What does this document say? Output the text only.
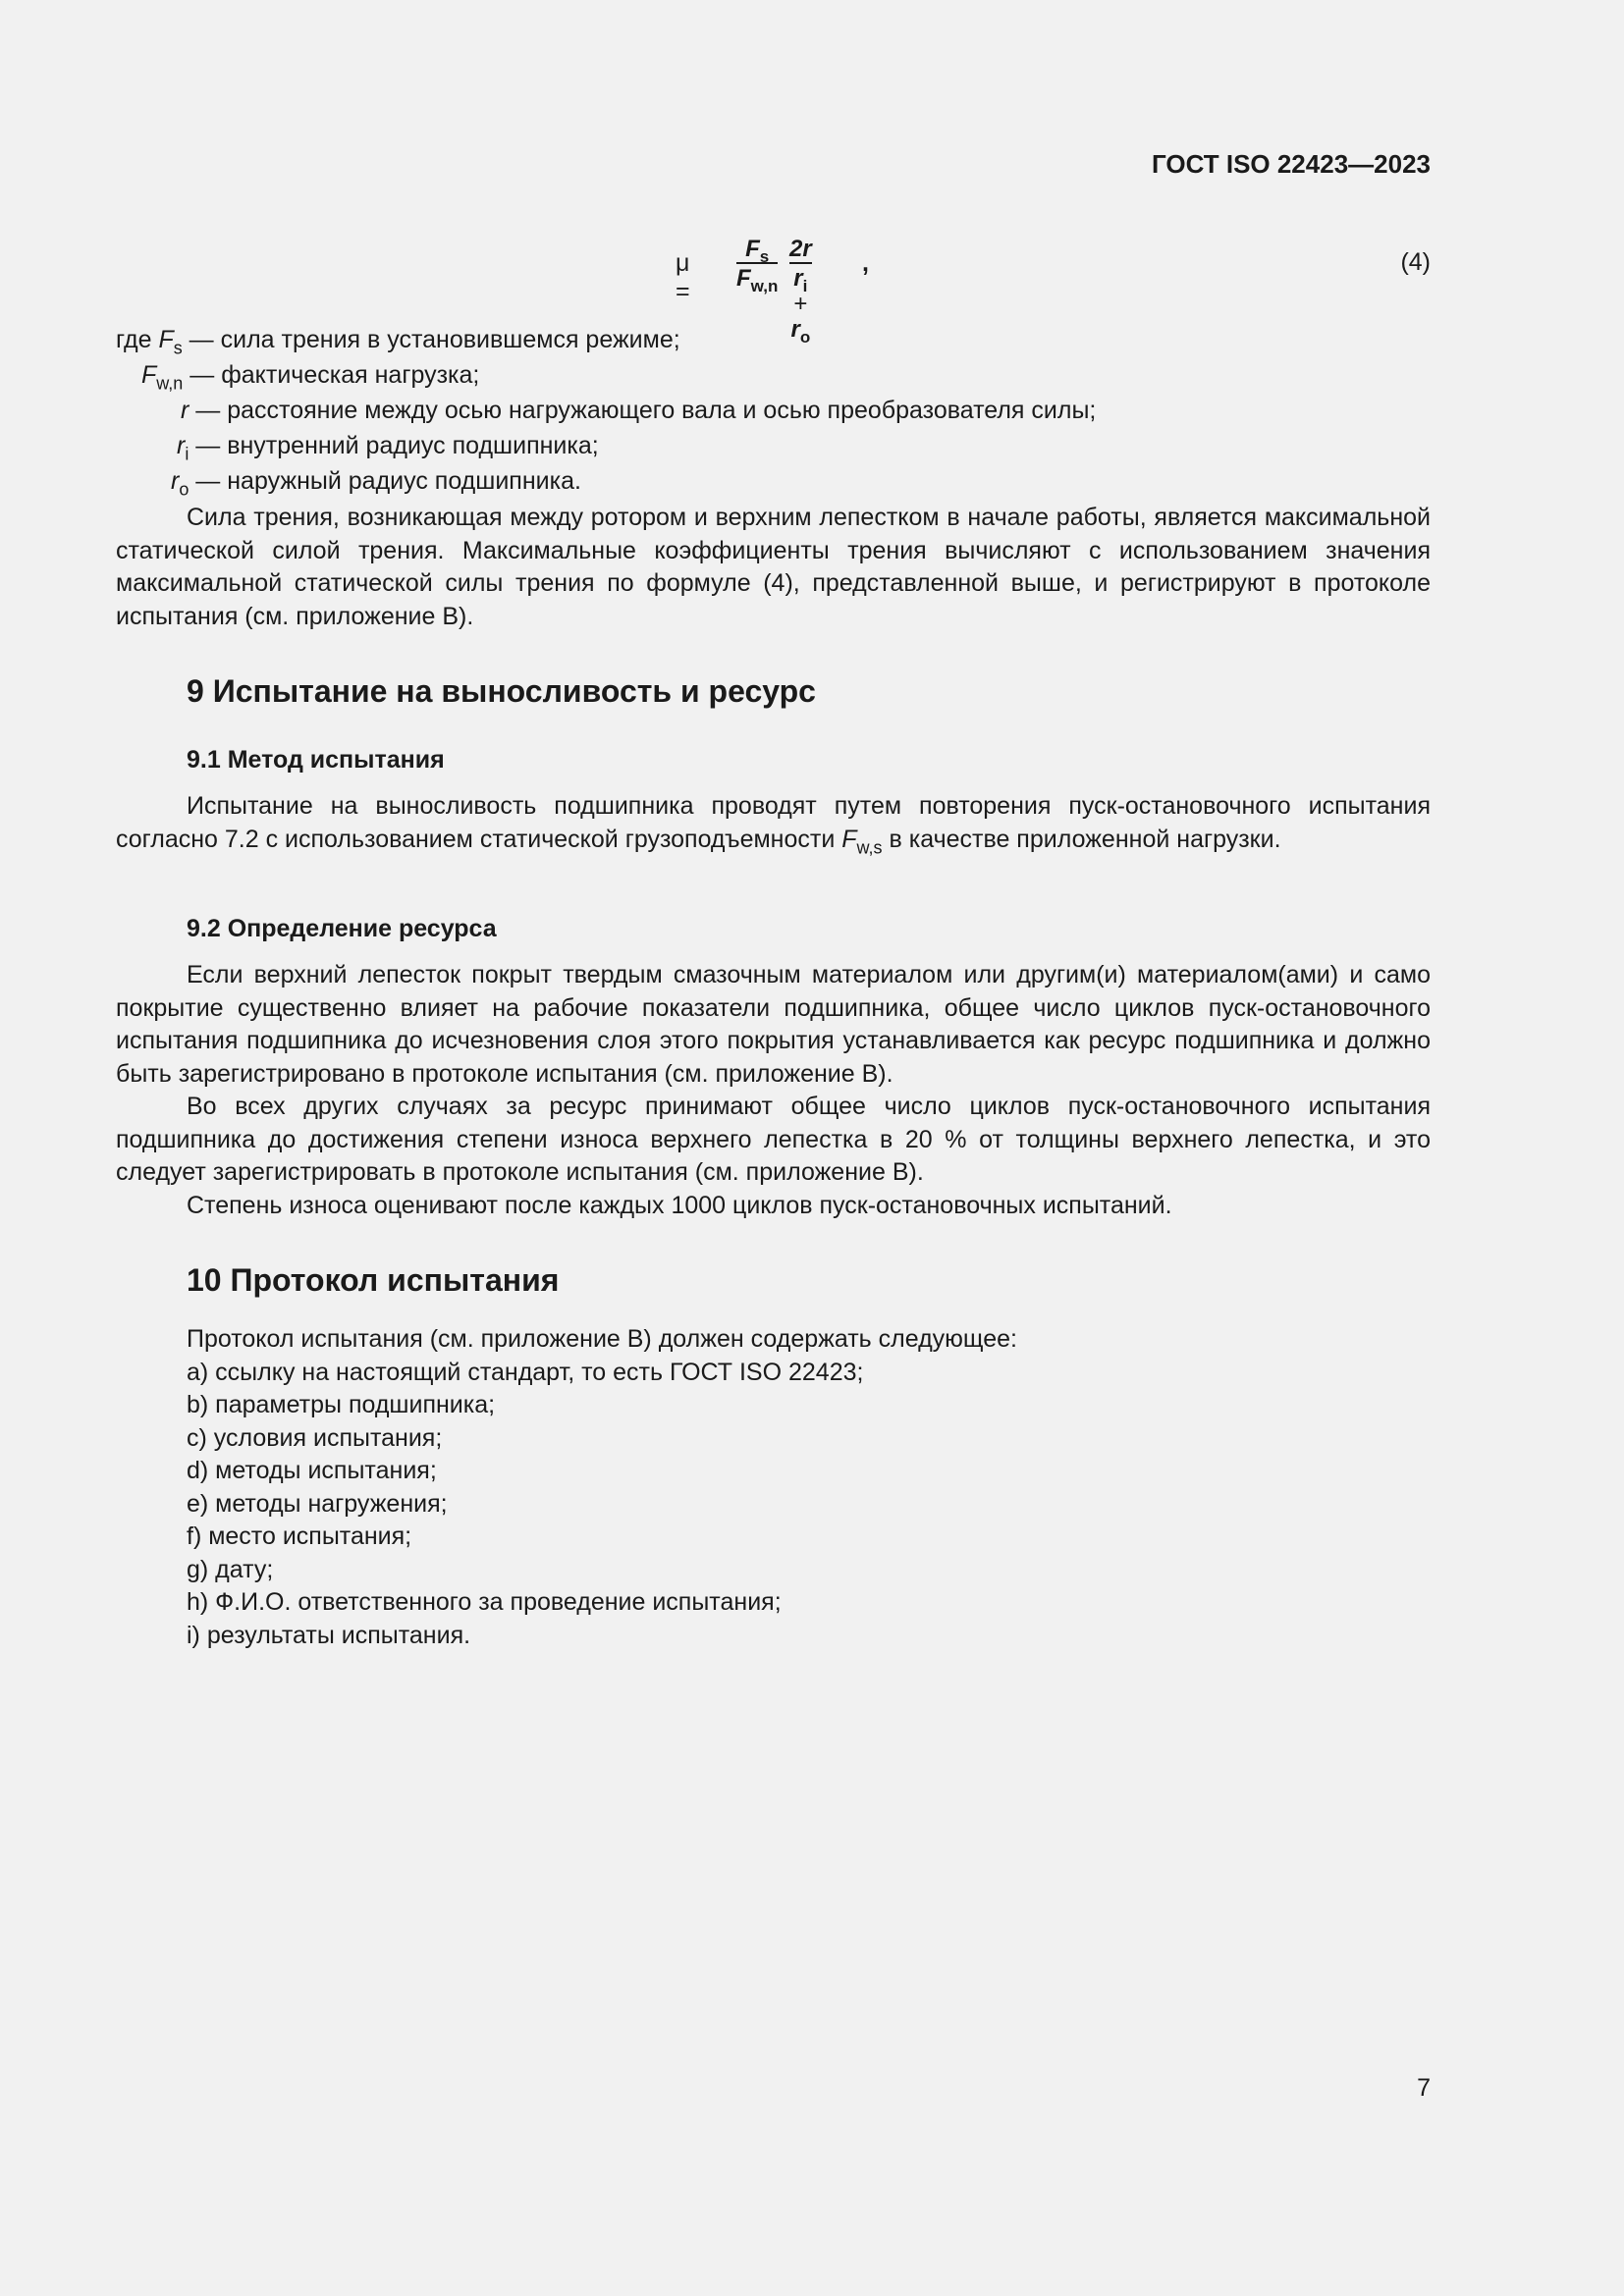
ГОСТ ISO 22423—2023
$\mu = \frac{F_s}{F_{w,n}} \frac{2r}{r_i + r_o}$ ,	(4)
где $F_s$ — сила трения в установившемся режиме;
$F_{w,n}$ — фактическая нагрузка;
r — расстояние между осью нагружающего вала и осью преобразователя силы;
$r_i$ — внутренний радиус подшипника;
$r_o$ — наружный радиус подшипника.
Сила трения, возникающая между ротором и верхним лепестком в начале работы, является максимальной статической силой трения. Максимальные коэффициенты трения вычисляют с использованием значения максимальной статической силы трения по формуле (4), представленной выше, и регистрируют в протоколе испытания (см. приложение В).
9 Испытание на выносливость и ресурс
9.1 Метод испытания
Испытание на выносливость подшипника проводят путем повторения пуск-остановочного испытания согласно 7.2 с использованием статической грузоподъемности $F_{w,s}$ в качестве приложенной нагрузки.
9.2 Определение ресурса
Если верхний лепесток покрыт твердым смазочным материалом или другим(и) материалом(ами) и само покрытие существенно влияет на рабочие показатели подшипника, общее число циклов пуск-остановочного испытания подшипника до исчезновения слоя этого покрытия устанавливается как ресурс подшипника и должно быть зарегистрировано в протоколе испытания (см. приложение В).
Во всех других случаях за ресурс принимают общее число циклов пуск-остановочного испытания подшипника до достижения степени износа верхнего лепестка в 20 % от толщины верхнего лепестка, и это следует зарегистрировать в протоколе испытания (см. приложение В).
Степень износа оценивают после каждых 1000 циклов пуск-остановочных испытаний.
10 Протокол испытания
Протокол испытания (см. приложение В) должен содержать следующее:
a) ссылку на настоящий стандарт, то есть ГОСТ ISO 22423;
b) параметры подшипника;
c) условия испытания;
d) методы испытания;
e) методы нагружения;
f) место испытания;
g) дату;
h) Ф.И.О. ответственного за проведение испытания;
i) результаты испытания.
7
